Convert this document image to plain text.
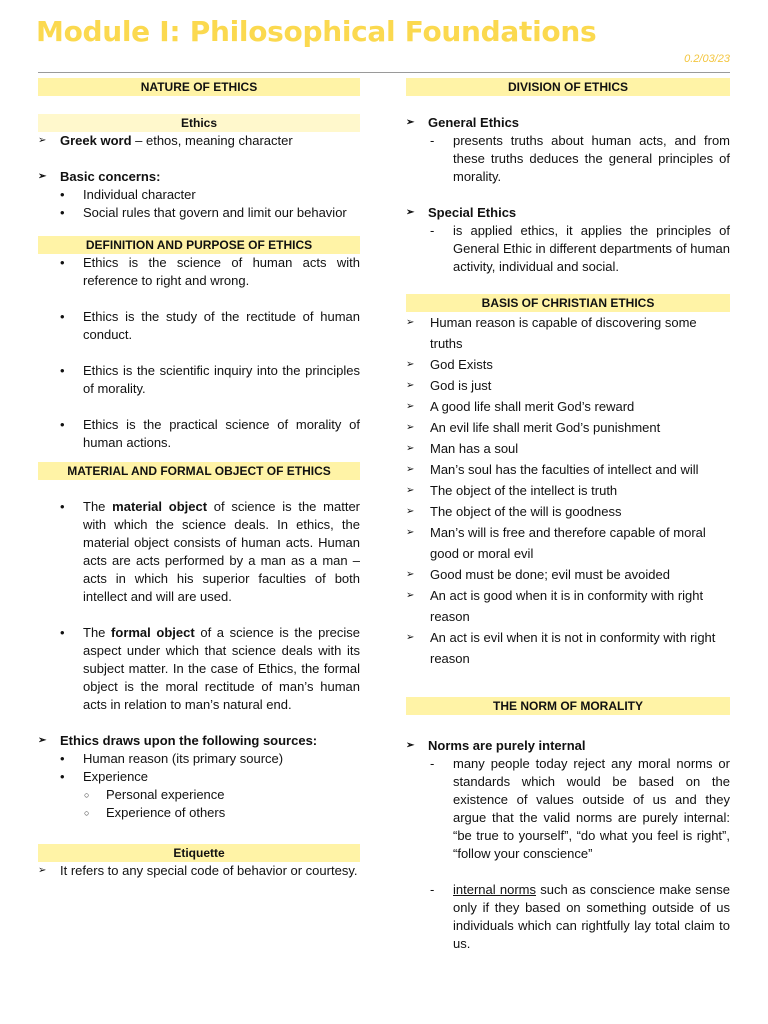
Module I: Philosophical Foundations
0.2/03/23
NATURE OF ETHICS
Ethics
➢ Greek word – ethos, meaning character
➢ Basic concerns:
• Individual character
• Social rules that govern and limit our behavior
DEFINITION AND PURPOSE OF ETHICS
• Ethics is the science of human acts with reference to right and wrong.
• Ethics is the study of the rectitude of human conduct.
• Ethics is the scientific inquiry into the principles of morality.
• Ethics is the practical science of morality of human actions.
MATERIAL AND FORMAL OBJECT OF ETHICS
• The material object of science is the matter with which the science deals. In ethics, the material object consists of human acts. Human acts are acts performed by a man as a man – acts in which his superior faculties of both intellect and will are used.
• The formal object of a science is the precise aspect under which that science deals with its subject matter. In the case of Ethics, the formal object is the moral rectitude of man’s human acts in relation to man’s natural end.
➢ Ethics draws upon the following sources:
• Human reason (its primary source)
• Experience
○ Personal experience
○ Experience of others
Etiquette
➢ It refers to any special code of behavior or courtesy.
DIVISION OF ETHICS
➢ General Ethics
- presents truths about human acts, and from these truths deduces the general principles of morality.
➢ Special Ethics
- is applied ethics, it applies the principles of General Ethic in different departments of human activity, individual and social.
BASIS OF CHRISTIAN ETHICS
➢ Human reason is capable of discovering some truths
➢ God Exists
➢ God is just
➢ A good life shall merit God’s reward
➢ An evil life shall merit God’s punishment
➢ Man has a soul
➢ Man’s soul has the faculties of intellect and will
➢ The object of the intellect is truth
➢ The object of the will is goodness
➢ Man’s will is free and therefore capable of moral good or moral evil
➢ Good must be done; evil must be avoided
➢ An act is good when it is in conformity with right reason
➢ An act is evil when it is not in conformity with right reason
THE NORM OF MORALITY
➢ Norms are purely internal
- many people today reject any moral norms or standards which would be based on the existence of values outside of us and they argue that the valid norms are purely internal: “be true to yourself”, “do what you feel is right”, “follow your conscience”
- internal norms such as conscience make sense only if they based on something outside of us individuals which can rightfully lay total claim to us.
